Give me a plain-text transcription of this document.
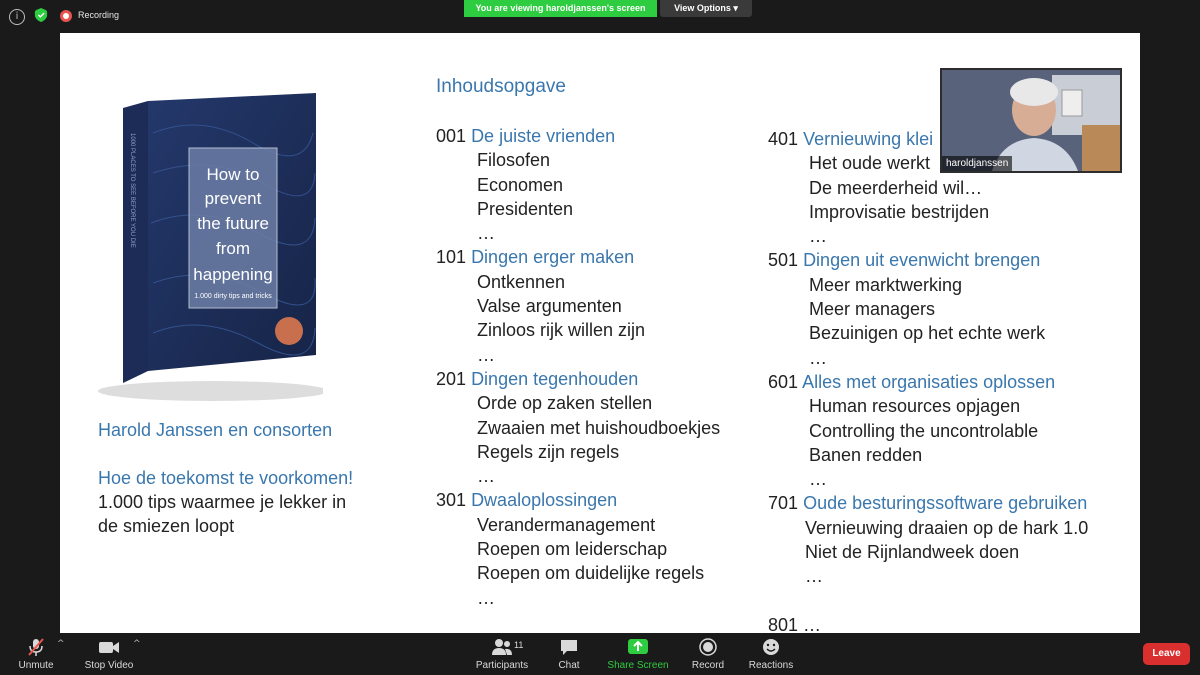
i	Recording
You are viewing haroldjanssen's screen	View Options ▾
How to
prevent
the future
from
happening
1.000 dirty tips and tricks
1000 PLACES TO SEE BEFORE YOU DIE
Harold Janssen en consorten
Hoe de toekomst te voorkomen!
1.000 tips waarmee je lekker in
de smiezen loopt
Inhoudsopgave
001 De juiste vrienden
Filosofen
Economen
Presidenten
…
101 Dingen erger maken
Ontkennen
Valse argumenten
Zinloos rijk willen zijn
…
201 Dingen tegenhouden
Orde op zaken stellen
Zwaaien met huishoudboekjes
Regels zijn regels
…
301 Dwaaloplossingen
Verandermanagement
Roepen om leiderschap
Roepen om duidelijke regels
…
401 Vernieuwing klei
Het oude werkt
De meerderheid wil…
Improvisatie bestrijden
…
501 Dingen uit evenwicht brengen
Meer marktwerking
Meer managers
Bezuinigen op het echte werk
…
601 Alles met organisaties oplossen
Human resources opjagen
Controlling the uncontrolable
Banen redden
…
701 Oude besturingssoftware gebruiken
Vernieuwing draaien op de hark 1.0
Niet de Rijnlandweek doen
…
801 …
haroldjanssen
Unmute
^
Stop Video
^	11
Participants	Chat	Share Screen Record Reactions
Leave
